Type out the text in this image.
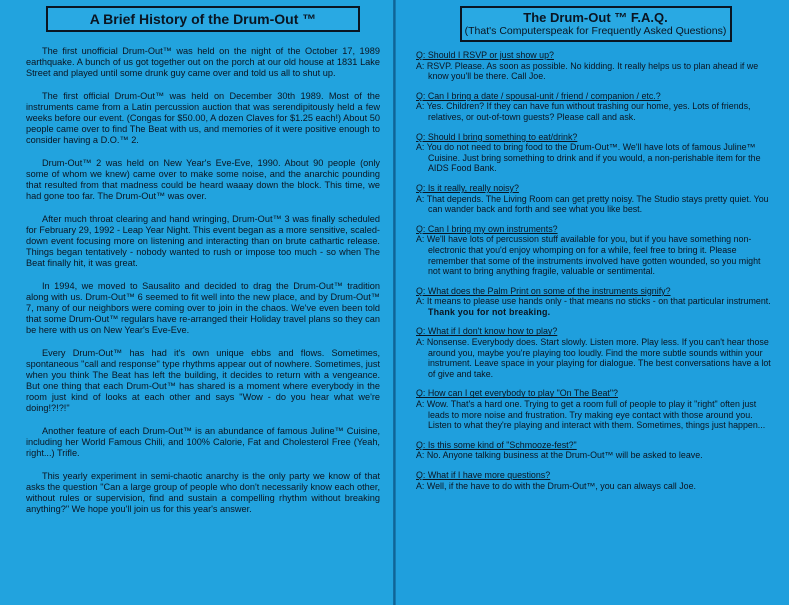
A Brief History of the Drum-Out ™

The first unofficial Drum-Out™ was held on the night of the October 17, 1989 earthquake. A bunch of us got together out on the porch at our old house at 1831 Lake Street and played until some drunk guy came over and told us all to shut up.

The first official Drum-Out™ was held on December 30th 1989. Most of the instruments came from a Latin percussion auction that was serendipitously held a few weeks before our event. (Congas for $50.00, A dozen Claves for $1.25 each!) About 50 people came over to find The Beat with us, and memories of it were positive enough to consider having a D.O.™ 2.

Drum-Out™ 2 was held on New Year's Eve-Eve, 1990. About 90 people (only some of whom we knew) came over to make some noise, and the anarchic pounding that resulted from that madness could be heard waaay down the block. This time, we had gone too far. The Drum-Out™ was over.

After much throat clearing and hand wringing, Drum-Out™ 3 was finally scheduled for February 29, 1992 - Leap Year Night. This event began as a more sensitive, scaled-down event focusing more on listening and interacting than on brute cathartic release. Things began tentatively - nobody wanted to rush or impose too much - so when The Beat finally hit, it was great.

In 1994, we moved to Sausalito and decided to drag the Drum-Out™ tradition along with us. Drum-Out™ 6 seemed to fit well into the new place, and by Drum-Out™ 7, many of our neighbors were coming over to join in the chaos. We've even been told that some Drum-Out™ regulars have re-arranged their Holiday travel plans so they can be here with us on New Year's Eve-Eve.

Every Drum-Out™ has had it's own unique ebbs and flows. Sometimes, spontaneous "call and response" type rhythms appear out of nowhere. Sometimes, just when you think The Beat has left the building, it decides to return with a vengeance. But one thing that each Drum-Out™ has shared is a moment where everybody in the room just kind of looks at each other and says "Wow - do you hear what we're doing!?!?!"

Another feature of each Drum-Out™ is an abundance of famous Juline™ Cuisine, including her World Famous Chili, and 100% Calorie, Fat and Cholesterol Free (Yeah, right...) Trifle.

This yearly experiment in semi-chaotic anarchy is the only party we know of that asks the question "Can a large group of people who don't necessarily know each other, without rules or supervision, find and sustain a compelling rhythm without breaking anything?" We hope you'll join us for this year's answer.

The Drum-Out ™ F.A.Q.
(That's Computerspeak for Frequently Asked Questions)
Q: Should I RSVP or just show up?
A: RSVP. Please. As soon as possible. No kidding. It really helps us to plan ahead if we know you'll be there. Call Joe.
Q: Can I bring a date / spousal-unit / friend / companion / etc.?
A: Yes. Children? If they can have fun without trashing our home, yes. Lots of friends, relatives, or out-of-town guests? Please call and ask.
Q: Should I bring something to eat/drink?
A: You do not need to bring food to the Drum-Out™. We'll have lots of famous Juline™ Cuisine. Just bring something to drink and if you would, a non-perishable item for the AIDS Food Bank.
Q: Is it really, really noisy?
A: That depends. The Living Room can get pretty noisy. The Studio stays pretty quiet. You can wander back and forth and see what you like best.
Q: Can I bring my own instruments?
A: We'll have lots of percussion stuff available for you, but if you have something non-electronic that you'd enjoy whomping on for a while, feel free to bring it. Please remember that some of the instruments involved have gotten wounded, so you might not want to bring anything fragile, valuable or sentimental.
Q: What does the Palm Print on some of the instruments signify?
A: It means to please use hands only - that means no sticks - on that particular instrument. Thank you for not breaking.
Q: What if I don't know how to play?
A: Nonsense. Everybody does. Start slowly. Listen more. Play less. If you can't hear those around you, maybe you're playing too loudly. Find the more subtle sounds within your instrument. Leave space in your playing for dialogue. The best conversations have a lot of give and take.
Q: How can I get everybody to play "On The Beat"?
A: Wow. That's a hard one. Trying to get a room full of people to play it "right" often just leads to more noise and frustration. Try making eye contact with those around you. Listen to what they're playing and interact with them. Sometimes, things just happen...
Q: Is this some kind of "Schmooze-fest?"
A: No. Anyone talking business at the Drum-Out™ will be asked to leave.
Q: What if I have more questions?
A: Well, if the have to do with the Drum-Out™, you can always call Joe.
